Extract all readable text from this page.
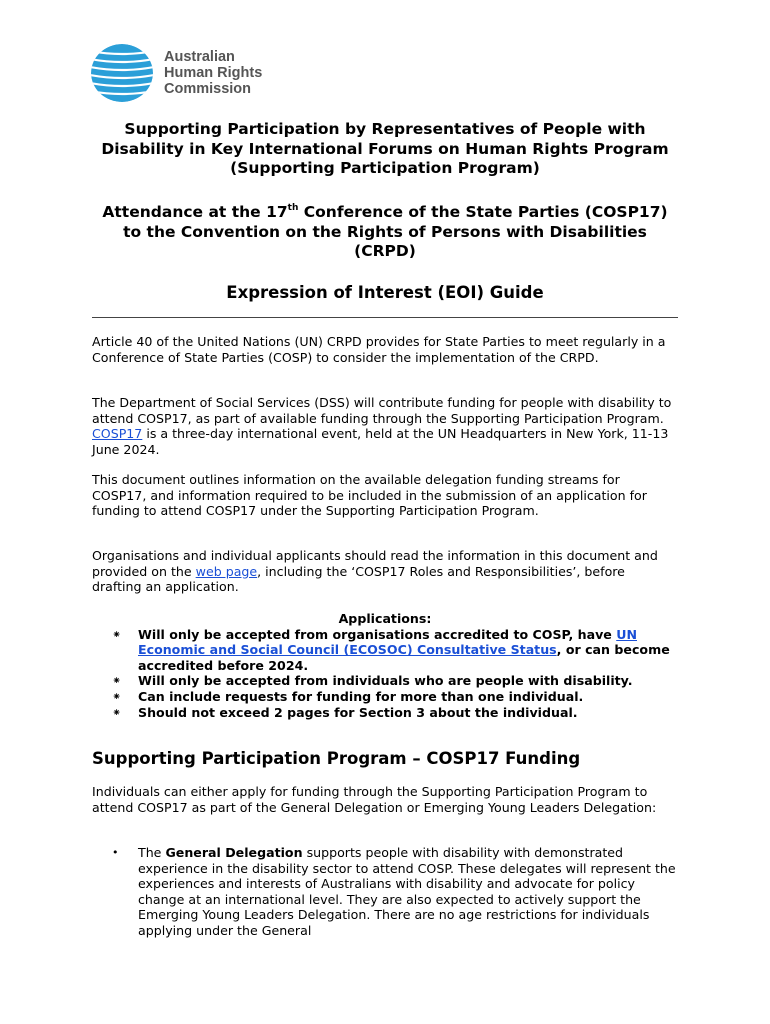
Australian
Human Rights
Commission
Supporting Participation by Representatives of People with Disability in Key International Forums on Human Rights Program (Supporting Participation Program)
Attendance at the 17th Conference of the State Parties (COSP17) to the Convention on the Rights of Persons with Disabilities (CRPD)
Expression of Interest (EOI) Guide
Article 40 of the United Nations (UN) CRPD provides for State Parties to meet regularly in a Conference of State Parties (COSP) to consider the implementation of the CRPD.
The Department of Social Services (DSS) will contribute funding for people with disability to attend COSP17, as part of available funding through the Supporting Participation Program. COSP17 is a three-day international event, held at the UN Headquarters in New York, 11-13 June 2024.
This document outlines information on the available delegation funding streams for COSP17, and information required to be included in the submission of an application for funding to attend COSP17 under the Supporting Participation Program.
Organisations and individual applicants should read the information in this document and provided on the web page, including the ‘COSP17 Roles and Responsibilities’, before drafting an application.
Applications:
⁕ Will only be accepted from organisations accredited to COSP, have UN Economic and Social Council (ECOSOC) Consultative Status, or can become accredited before 2024.
⁕ Will only be accepted from individuals who are people with disability.
⁕ Can include requests for funding for more than one individual.
⁕ Should not exceed 2 pages for Section 3 about the individual.
Supporting Participation Program – COSP17 Funding
Individuals can either apply for funding through the Supporting Participation Program to attend COSP17 as part of the General Delegation or Emerging Young Leaders Delegation:
• The General Delegation supports people with disability with demonstrated experience in the disability sector to attend COSP. These delegates will represent the experiences and interests of Australians with disability and advocate for policy change at an international level. They are also expected to actively support the Emerging Young Leaders Delegation. There are no age restrictions for individuals applying under the General
